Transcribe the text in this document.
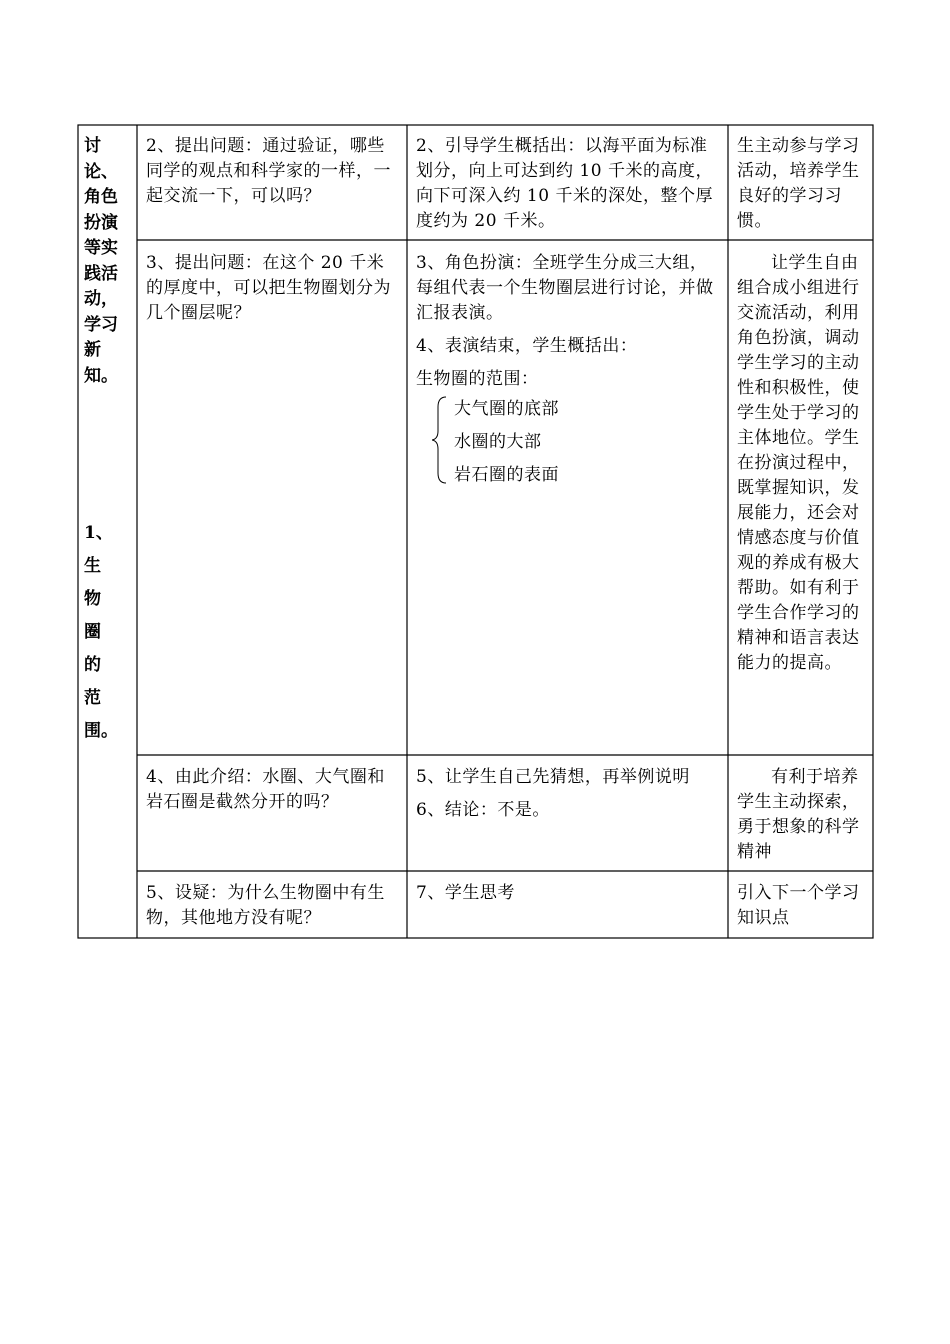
讨
论、
角色
扮演
等实
践活
动，
学习
新
知。
1、
生
物
圈
的
范
围。

2、提出问题：通过验证，哪些同学的观点和科学家的一样，一起交流一下，可以吗？

2、引导学生概括出：以海平面为标准划分，向上可达到约 10 千米的高度，向下可深入约 10 千米的深处，整个厚度约为 20 千米。

生主动参与学习活动，培养学生良好的学习习惯。

3、提出问题：在这个 20 千米的厚度中，可以把生物圈划分为几个圈层呢？

3、角色扮演：全班学生分成三大组，每组代表一个生物圈层进行讨论，并做汇报表演。

4、表演结束，学生概括出：

生物圈的范围：

大气圈的底部
水圈的大部
岩石圈的表面

让学生自由组合成小组进行交流活动，利用角色扮演，调动学生学习的主动性和积极性，使学生处于学习的主体地位。学生在扮演过程中，既掌握知识，发展能力，还会对情感态度与价值观的养成有极大帮助。如有利于学生合作学习的精神和语言表达能力的提高。

4、由此介绍：水圈、大气圈和岩石圈是截然分开的吗？

5、让学生自己先猜想，再举例说明

6、结论：不是。

有利于培养学生主动探索，勇于想象的科学精神

5、设疑：为什么生物圈中有生物，其他地方没有呢？

7、学生思考	引入下一个学习知识点
